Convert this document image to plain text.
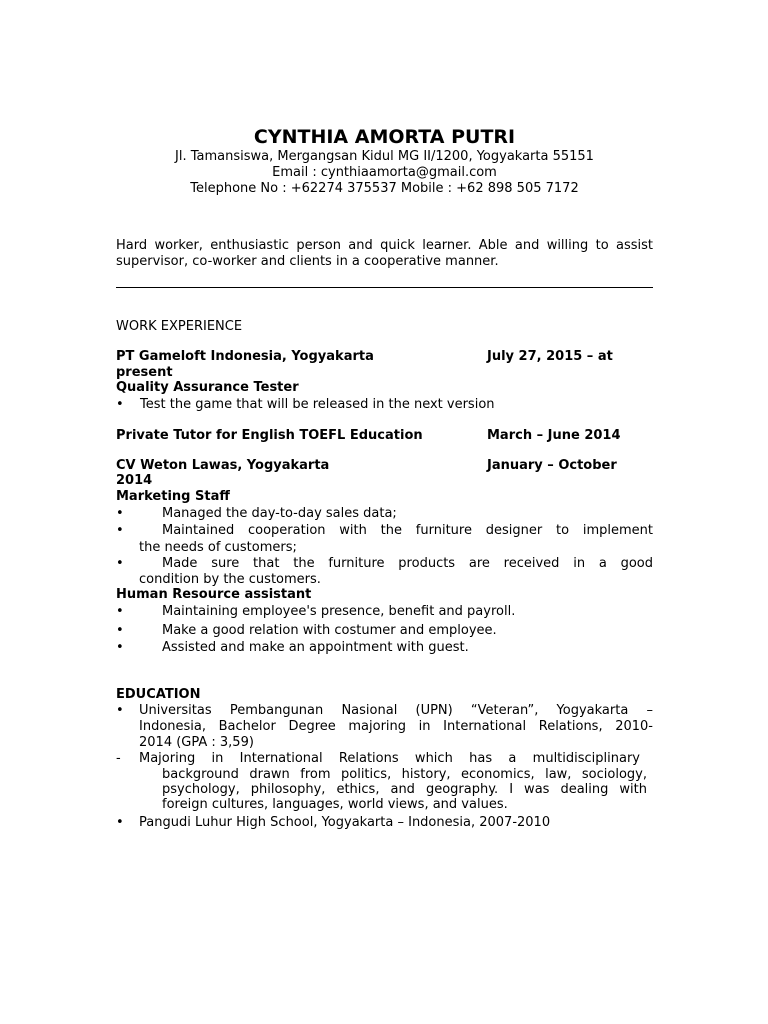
CYNTHIA AMORTA PUTRI
Jl. Tamansiswa, Mergangsan Kidul MG II/1200, Yogyakarta 55151
Email : cynthiaamorta@gmail.com
Telephone No : +62274 375537 Mobile : +62 898 505 7172
Hard worker, enthusiastic person and quick learner. Able and willing to assist supervisor, co-worker and clients in a cooperative manner.
WORK EXPERIENCE
PT Gameloft Indonesia, Yogyakarta	July 27, 2015 – at
present
Quality Assurance Tester
•	Test the game that will be released in the next version
Private Tutor for English TOEFL Education	March – June 2014
CV Weton Lawas, Yogyakarta	January – October
2014
Marketing Staff
•	Managed the day-to-day sales data;
•	Maintained cooperation with the furniture designer to implement
the needs of customers;
•	Made sure that the furniture products are received in a good
condition by the customers.
Human Resource assistant
•	Maintaining employee's presence, benefit and payroll.
•	Make a good relation with costumer and employee.
•	Assisted and make an appointment with guest.
EDUCATION
•	Universitas Pembangunan Nasional (UPN) “Veteran”, Yogyakarta –
Indonesia, Bachelor Degree majoring in International Relations, 2010-
2014 (GPA : 3,59)
-	Majoring in International Relations which has a multidisciplinary
background drawn from politics, history, economics, law, sociology,
psychology, philosophy, ethics, and geography. I was dealing with
foreign cultures, languages, world views, and values.
•	Pangudi Luhur High School, Yogyakarta – Indonesia, 2007-2010
